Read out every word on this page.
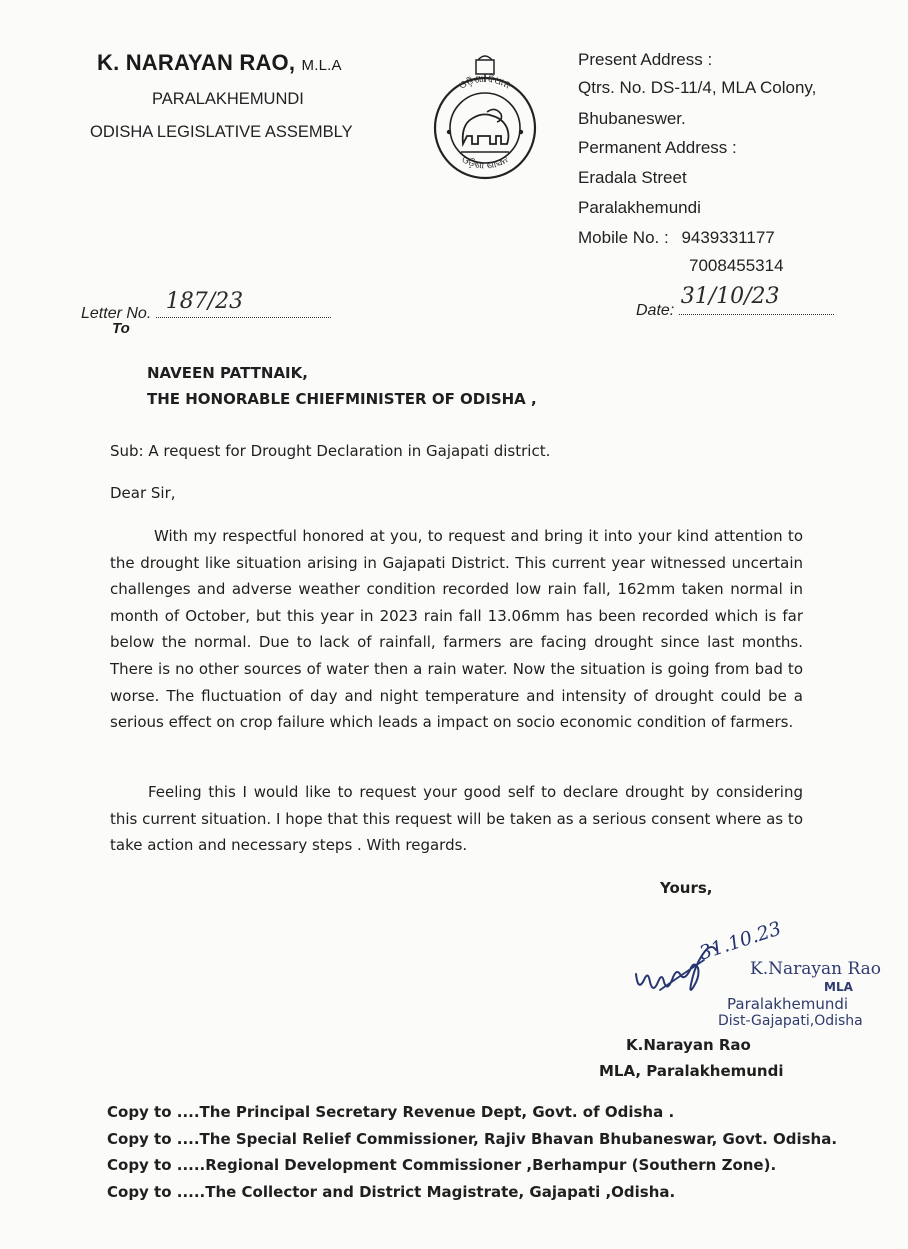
K. NARAYAN RAO, M.L.A
PARALAKHEMUNDI
ODISHA LEGISLATIVE ASSEMBLY
ଓଡ଼ିଶା ବିଧାନ
ଓଡ଼ିଶା ଶାସନ
Present Address :
Qtrs. No. DS-11/4, MLA Colony,
Bhubaneswer.
Permanent Address :
Eradala Street
Paralakhemundi
Mobile No. : 9439331177
7008455314
Letter No. 187/23
To
Date:
31/10/23
NAVEEN PATTNAIK,
THE HONORABLE CHIEFMINISTER OF ODISHA ,
Sub: A request for Drought Declaration in Gajapati district.
Dear Sir,
With my respectful honored at you, to request and bring it into your kind attention to the drought like situation arising in Gajapati District. This current year witnessed uncertain challenges and adverse weather condition recorded low rain fall, 162mm taken normal in month of October, but this year in 2023 rain fall 13.06mm has been recorded which is far below the normal. Due to lack of rainfall, farmers are facing drought since last months. There is no other sources of water then a rain water. Now the situation is going from bad to worse. The fluctuation of day and night temperature and intensity of drought could be a serious effect on crop failure which leads a impact on socio economic condition of farmers.
Feeling this I would like to request your good self to declare drought by considering this current situation. I hope that this request will be taken as a serious consent where as to take action and necessary steps . With regards.
Yours,
31.10.23
K.Narayan Rao
MLA
Paralakhemundi
Dist-Gajapati,Odisha
K.Narayan Rao
MLA, Paralakhemundi
Copy to ....The Principal Secretary Revenue Dept, Govt. of Odisha .
Copy to ....The Special Relief Commissioner, Rajiv Bhavan Bhubaneswar, Govt. Odisha.
Copy to .....Regional Development Commissioner ,Berhampur (Southern Zone).
Copy to .....The Collector and District Magistrate, Gajapati ,Odisha.
